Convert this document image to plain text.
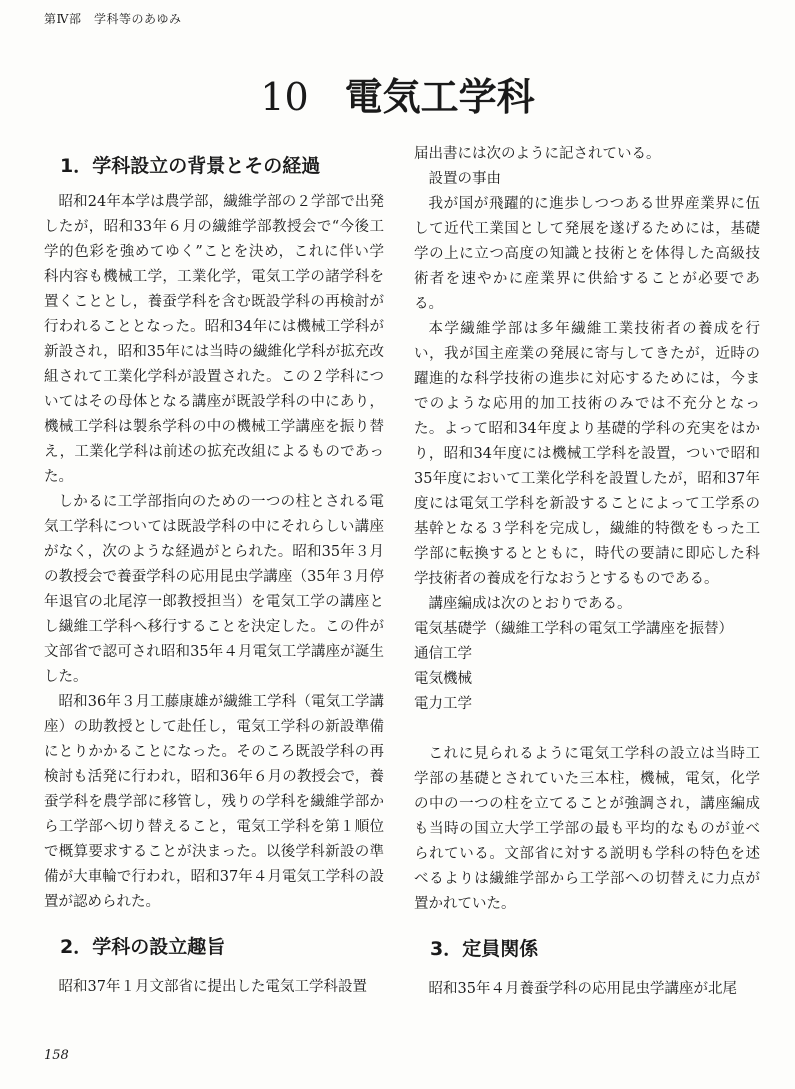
第Ⅳ部　学科等のあゆみ
10 電気工学科
1．学科設立の背景とその経過

昭和24年本学は農学部，繊維学部の２学部で出発したが，昭和33年６月の繊維学部教授会で“今後工学的色彩を強めてゆく”ことを決め，これに伴い学科内容も機械工学，工業化学，電気工学の諸学科を置くこととし，養蚕学科を含む既設学科の再検討が行われることとなった。昭和34年には機械工学科が新設され，昭和35年には当時の繊維化学科が拡充改組されて工業化学科が設置された。この２学科についてはその母体となる講座が既設学科の中にあり，機械工学科は製糸学科の中の機械工学講座を振り替え，工業化学科は前述の拡充改組によるものであった。

しかるに工学部指向のための一つの柱とされる電気工学科については既設学科の中にそれらしい講座がなく，次のような経過がとられた。昭和35年３月の教授会で養蚕学科の応用昆虫学講座（35年３月停年退官の北尾淳一郎教授担当）を電気工学の講座とし繊維工学科へ移行することを決定した。この件が文部省で認可され昭和35年４月電気工学講座が誕生した。

昭和36年３月工藤康雄が繊維工学科（電気工学講座）の助教授として赴任し，電気工学科の新設準備にとりかかることになった。そのころ既設学科の再検討も活発に行われ，昭和36年６月の教授会で，養蚕学科を農学部に移管し，残りの学科を繊維学部から工学部へ切り替えること，電気工学科を第１順位で概算要求することが決まった。以後学科新設の準備が大車輪で行われ，昭和37年４月電気工学科の設置が認められた。

2．学科の設立趣旨

昭和37年１月文部省に提出した電気工学科設置

届出書には次のように記されている。

設置の事由

我が国が飛躍的に進歩しつつある世界産業界に伍して近代工業国として発展を遂げるためには，基礎学の上に立つ高度の知識と技術とを体得した高級技術者を速やかに産業界に供給することが必要である。

本学繊維学部は多年繊維工業技術者の養成を行い，我が国主産業の発展に寄与してきたが，近時の躍進的な科学技術の進歩に対応するためには，今までのような応用的加工技術のみでは不充分となった。よって昭和34年度より基礎的学科の充実をはかり，昭和34年度には機械工学科を設置，ついで昭和35年度において工業化学科を設置したが，昭和37年度には電気工学科を新設することによって工学系の基幹となる３学科を完成し，繊維的特徴をもった工学部に転換するとともに，時代の要請に即応した科学技術者の養成を行なおうとするものである。

講座編成は次のとおりである。

電気基礎学（繊維工学科の電気工学講座を振替）

通信工学

電気機械

電力工学

これに見られるように電気工学科の設立は当時工学部の基礎とされていた三本柱，機械，電気，化学の中の一つの柱を立てることが強調され，講座編成も当時の国立大学工学部の最も平均的なものが並べられている。文部省に対する説明も学科の特色を述べるよりは繊維学部から工学部への切替えに力点が置かれていた。

3．定員関係

昭和35年４月養蚕学科の応用昆虫学講座が北尾

158
